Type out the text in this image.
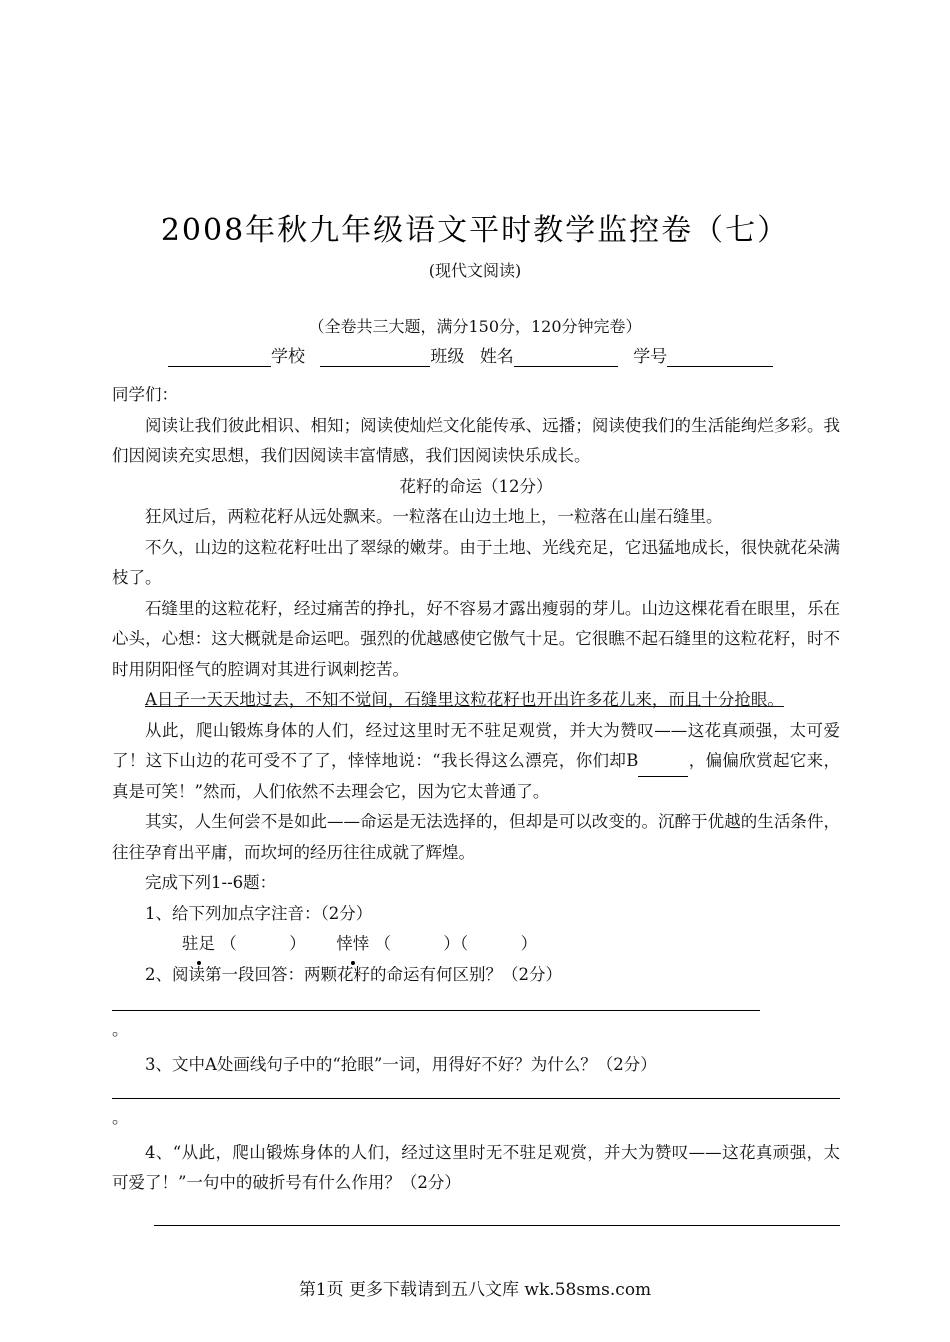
2008年秋九年级语文平时教学监控卷（七）
(现代文阅读)
（全卷共三大题，满分150分，120分钟完卷）
学校	班级 姓名	学号

同学们：

阅读让我们彼此相识、相知；阅读使灿烂文化能传承、远播；阅读使我们的生活能绚烂多彩。我们因阅读充实思想，我们因阅读丰富情感，我们因阅读快乐成长。

花籽的命运（12分）

狂风过后，两粒花籽从远处飘来。一粒落在山边土地上，一粒落在山崖石缝里。

不久，山边的这粒花籽吐出了翠绿的嫩芽。由于土地、光线充足，它迅猛地成长，很快就花朵满枝了。

石缝里的这粒花籽，经过痛苦的挣扎，好不容易才露出瘦弱的芽儿。山边这棵花看在眼里，乐在心头，心想：这大概就是命运吧。强烈的优越感使它傲气十足。它很瞧不起石缝里的这粒花籽，时不时用阴阳怪气的腔调对其进行讽刺挖苦。

A日子一天天地过去，不知不觉间，石缝里这粒花籽也开出许多花儿来，而且十分抢眼。

从此，爬山锻炼身体的人们，经过这里时无不驻足观赏，并大为赞叹——这花真顽强，太可爱了！这下山边的花可受不了了，悻悻地说：“我长得这么漂亮，你们却B	，偏偏欣赏起它来，真是可笑！”然而，人们依然不去理会它，因为它太普通了。

其实，人生何尝不是如此——命运是无法选择的，但却是可以改变的。沉醉于优越的生活条件，往往孕育出平庸，而坎坷的经历往往成就了辉煌。

完成下列1--6题：

1、给下列加点字注音：（2分）

驻足 （          ） 悻悻 （          ）（          ）

2、阅读第一段回答：两颗花籽的命运有何区别？（2分）

。

3、文中A处画线句子中的“抢眼”一词，用得好不好？为什么？（2分）

。

4、“从此，爬山锻炼身体的人们，经过这里时无不驻足观赏，并大为赞叹——这花真顽强，太可爱了！”一句中的破折号有什么作用？（2分）

第1页 更多下载请到五八文库 wk.58sms.com
